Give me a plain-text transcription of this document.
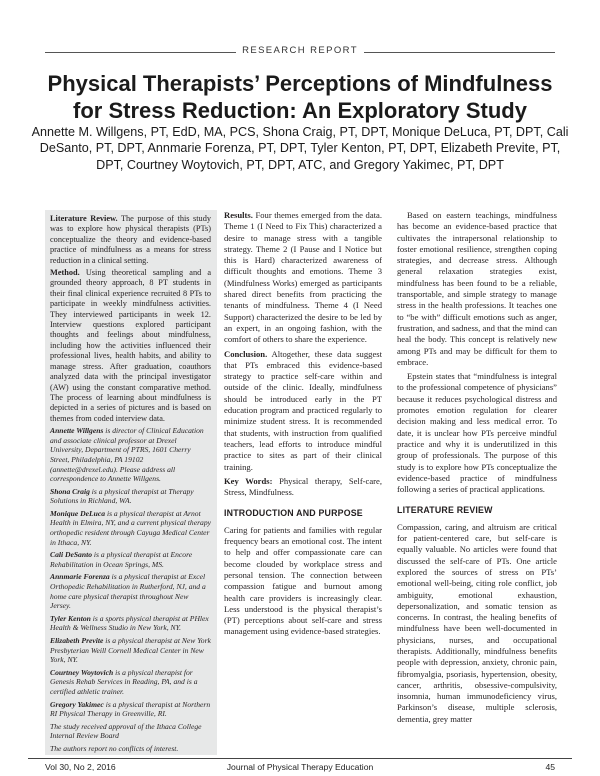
RESEARCH REPORT
Physical Therapists’ Perceptions of Mindfulness for Stress Reduction: An Exploratory Study
Annette M. Willgens, PT, EdD, MA, PCS, Shona Craig, PT, DPT, Monique DeLuca, PT, DPT, Cali DeSanto, PT, DPT, Annmarie Forenza, PT, DPT, Tyler Kenton, PT, DPT, Elizabeth Previte, PT, DPT, Courtney Woytovich, PT, DPT, ATC, and Gregory Yakimec, PT, DPT

Literature Review. The purpose of this study was to explore how physical therapists (PTs) conceptualize the theory and evidence-based practice of mindfulness as a means for stress reduction in a clinical setting.

Method. Using theoretical sampling and a grounded theory approach, 8 PT students in their final clinical experience recruited 8 PTs to participate in weekly mindfulness activities. They interviewed participants in week 12. Interview questions explored participant thoughts and feelings about mindfulness, including how the activities influenced their professional lives, health habits, and ability to manage stress. After graduation, coauthors analyzed data with the principal investigator (AW) using the constant comparative method. The process of learning about mindfulness is depicted in a series of pictures and is based on themes from coded interview data.

Annette Willgens is director of Clinical Education and associate clinical professor at Drexel University, Department of PTRS, 1601 Cherry Street, Philadelphia, PA 19102 (annette@drexel.edu). Please address all correspondence to Annette Willgens.

Shona Craig is a physical therapist at Therapy Solutions in Richland, WA.

Monique DeLuca is a physical therapist at Arnot Health in Elmira, NY, and a current physical therapy orthopedic resident through Cayuga Medical Center in Ithaca, NY.

Cali DeSanto is a physical therapist at Encore Rehabilitation in Ocean Springs, MS.

Annmarie Forenza is a physical therapist at Excel Orthopedic Rehabilitation in Rutherford, NJ, and a home care physical therapist throughout New Jersey.

Tyler Kenton is a sports physical therapist at PHlex Health & Wellness Studio in New York, NY.

Elizabeth Previte is a physical therapist at New York Presbyterian Weill Cornell Medical Center in New York, NY.

Courtney Woytovich is a physical therapist for Genesis Rehab Services in Reading, PA, and is a certified athletic trainer.

Gregory Yakimec is a physical therapist at Northern RI Physical Therapy in Greenville, RI.

The study received approval of the Ithaca College Internal Review Board

The authors report no conflicts of interest.

Results. Four themes emerged from the data. Theme 1 (I Need to Fix This) characterized a desire to manage stress with a tangible strategy. Theme 2 (I Pause and I Notice but this is Hard) characterized awareness of difficult thoughts and emotions. Theme 3 (Mindfulness Works) emerged as participants shared direct benefits from practicing the tenants of mindfulness. Theme 4 (I Need Support) characterized the desire to be led by an expert, in an ongoing fashion, with the comfort of others to share the experience.

Conclusion. Altogether, these data suggest that PTs embraced this evidence-based strategy to practice self-care within and outside of the clinic. Ideally, mindfulness should be introduced early in the PT education program and practiced regularly to minimize student stress. It is recommended that students, with instruction from qualified teachers, lead efforts to introduce mindful practice to sites as part of their clinical training.

Key Words: Physical therapy, Self-care, Stress, Mindfulness.

INTRODUCTION AND PURPOSE

Caring for patients and families with regular frequency bears an emotional cost. The intent to help and offer compassionate care can become clouded by workplace stress and personal tension. The connection between compassion fatigue and burnout among health care providers is increasingly clear. Less understood is the physical therapist’s (PT) perceptions about self-care and stress management using evidence-based strategies.

Based on eastern teachings, mindfulness has become an evidence-based practice that cultivates the intrapersonal relationship to foster emotional resilience, strengthen coping strategies, and decrease stress. Although general relaxation strategies exist, mindfulness has been found to be a reliable, transportable, and simple strategy to manage stress in the health professions. It teaches one to “be with” difficult emotions such as anger, frustration, and sadness, and that the mind can heal the body. This concept is relatively new among PTs and may be difficult for them to embrace.

Epstein states that “mindfulness is integral to the professional competence of physicians” because it reduces psychological distress and promotes emotion regulation for clearer decision making and less medical error. To date, it is unclear how PTs perceive mindful practice and why it is underutilized in this group of professionals. The purpose of this study is to explore how PTs conceptualize the evidence-based practice of mindfulness following a series of practical applications.

LITERATURE REVIEW

Compassion, caring, and altruism are critical for patient-centered care, but self-care is equally valuable. No articles were found that discussed the self-care of PTs. One article explored the sources of stress on PTs’ emotional well-being, citing role conflict, job ambiguity, emotional exhaustion, depersonalization, and somatic tension as concerns. In contrast, the healing benefits of mindfulness have been well-documented in physicians, nurses, and occupational therapists. Additionally, mindfulness benefits people with depression, anxiety, chronic pain, fibromyalgia, psoriasis, hypertension, obesity, cancer, arthritis, obsessive-compulsivity, insomnia, human immunodeficiency virus, Parkinson’s disease, multiple sclerosis, dementia, grey matter

Vol 30, No 2, 2016	Journal of Physical Therapy Education	45
